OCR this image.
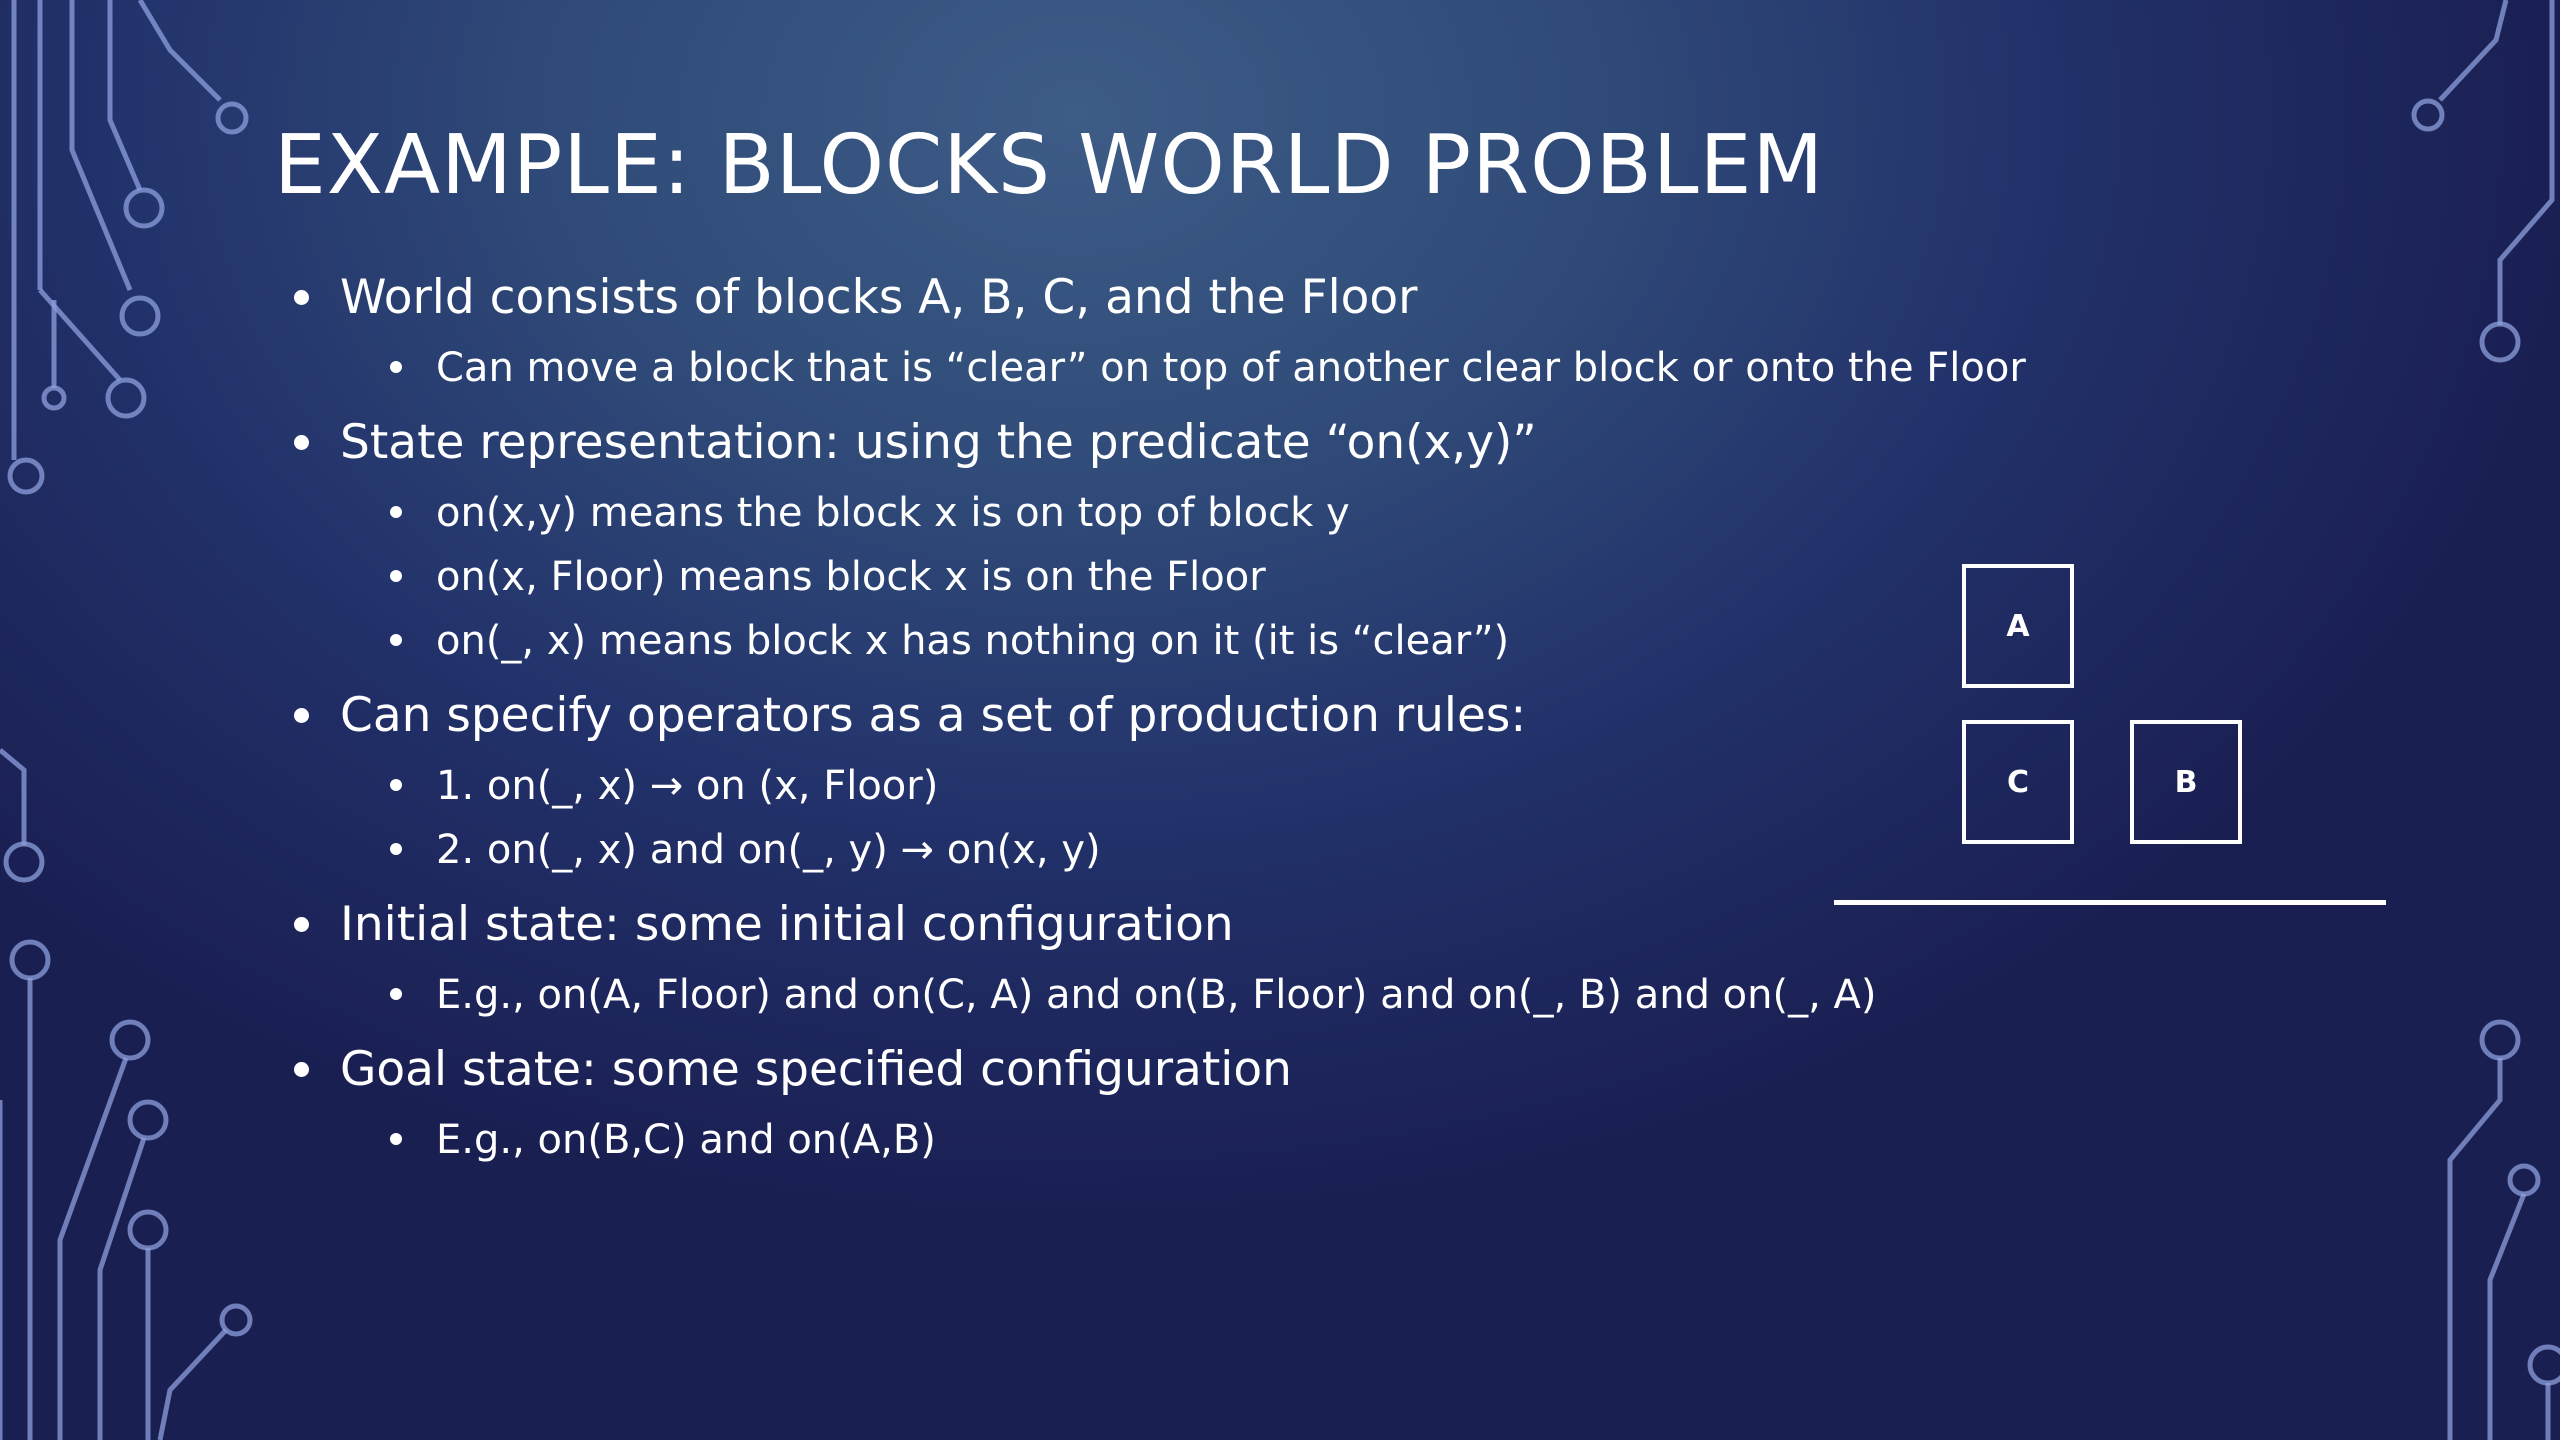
EXAMPLE: BLOCKS WORLD PROBLEM
World consists of blocks A, B, C, and the Floor
Can move a block that is “clear” on top of another clear block or onto the Floor
State representation: using the predicate “on(x,y)”
on(x,y) means the block x is on top of block y
on(x, Floor) means block x is on the Floor
on(_, x) means block x has nothing on it (it is “clear”)
Can specify operators as a set of production rules:
1. on(_, x) → on (x, Floor)
2. on(_, x) and on(_, y) → on(x, y)
Initial state: some initial configuration
E.g., on(A, Floor) and on(C, A) and on(B, Floor) and on(_, B) and on(_, A)
Goal state: some specified configuration
E.g., on(B,C) and on(A,B)
A
C	B
